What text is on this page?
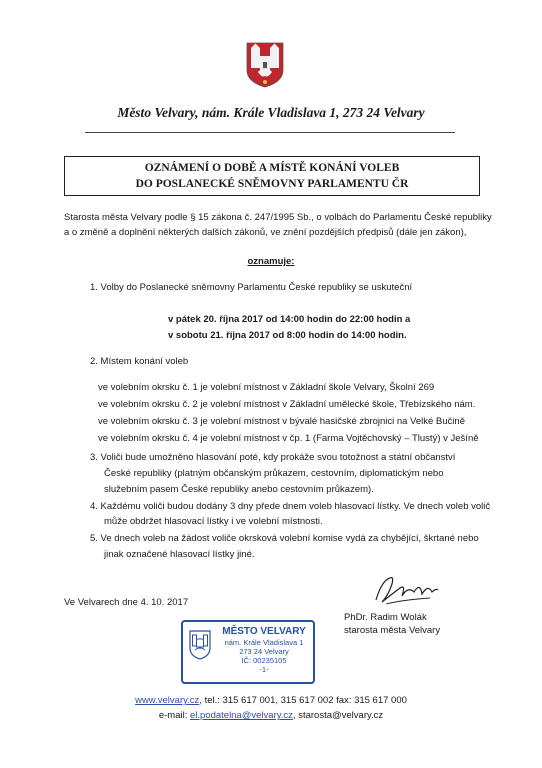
Město Velvary, nám. Krále Vladislava 1, 273 24 Velvary
OZNÁMENÍ O DOBĚ A MÍSTĚ KONÁNÍ VOLEB
DO POSLANECKÉ SNĚMOVNY PARLAMENTU ČR
Starosta města Velvary podle § 15 zákona č. 247/1995 Sb., o volbách do Parlamentu České republiky
a o změně a doplnění některých dalších zákonů, ve znění pozdějších předpisů (dále jen zákon),
oznamuje:
1. Volby do Poslanecké sněmovny Parlamentu České republiky se uskuteční
v pátek 20. října 2017 od 14:00 hodin do 22:00 hodin a
v sobotu 21. října 2017 od 8:00 hodin do 14:00 hodin.
2. Místem konání voleb
ve volebním okrsku č. 1 je volební místnost v Základní škole Velvary, Školní 269
ve volebním okrsku č. 2 je volební místnost v Základní umělecké škole, Třebízského nám.
ve volebním okrsku č. 3 je volební místnost v bývalé hasičské zbrojnici na Velké Bučině
ve volebním okrsku č. 4 je volební místnost v čp. 1 (Farma Vojtěchovský – Tlustý) v Ješíně
3. Voliči bude umožněno hlasování poté, kdy prokáže svou totožnost a státní občanství
České republiky (platným občanským průkazem, cestovním, diplomatickým nebo
služebním pasem České republiky anebo cestovním průkazem).
4. Každému voliči budou dodány 3 dny přede dnem voleb hlasovací lístky. Ve dnech voleb volič
může obdržet hlasovací lístky i ve volební místnosti.
5. Ve dnech voleb na žádost voliče okrsková volební komise vydá za chybějící, škrtané nebo
jinak označené hlasovací lístky jiné.
Ve Velvarech dne 4. 10. 2017
PhDr. Radim Wolák
starosta města Velvary
MĚSTO VELVARY
nám. Krále Vladislava 1
273 24 Velvary
IČ: 00235105
-1-
www.velvary.cz, tel.: 315 617 001, 315 617 002 fax: 315 617 000
e-mail: el.podatelna@velvary.cz, starosta@velvary.cz
